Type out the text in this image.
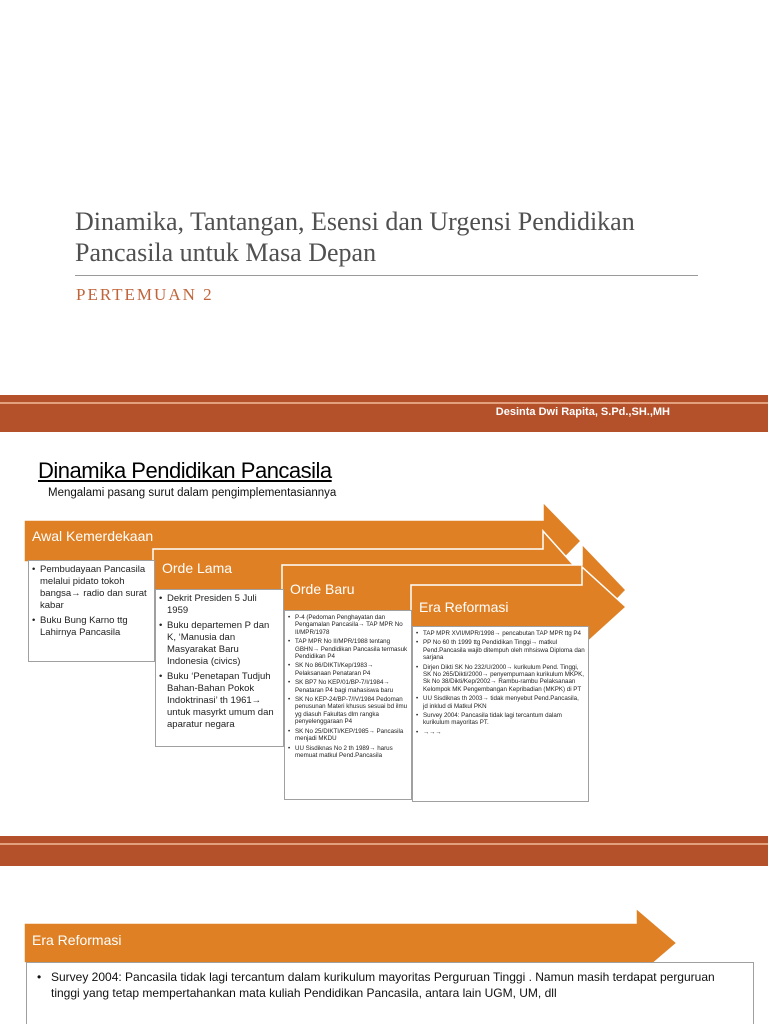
Dinamika, Tantangan, Esensi dan Urgensi Pendidikan Pancasila untuk Masa Depan
PERTEMUAN 2
Desinta Dwi Rapita, S.Pd.,SH.,MH
Dinamika Pendidikan Pancasila
Mengalami pasang surut dalam pengimplementasiannya
Awal Kemerdekaan
Orde Lama
Orde Baru
Era Reformasi
• Pembudayaan Pancasila melalui pidato tokoh bangsa→ radio dan surat kabar
• Buku Bung Karno ttg Lahirnya Pancasila
• Dekrit Presiden 5 Juli 1959
• Buku departemen P dan K, ‘Manusia dan Masyarakat Baru Indonesia (civics)
• Buku ‘Penetapan Tudjuh Bahan-Bahan Pokok Indoktrinasi’ th 1961→ untuk masyrkt umum dan aparatur negara
• P-4 (Pedoman Penghayatan dan Pengamalan Pancasila→ TAP MPR No II/MPR/1978
• TAP MPR No II/MPR/1988 tentang GBHN→ Pendidikan Pancasila termasuk Pendidikan P4
• SK No 86/DIKTI/Kep/1983→ Pelaksanaan Penataran P4
• SK BP7 No KEP/01/BP-7/I/1984→ Penataran P4 bagi mahasiswa baru
• SK No KEP-24/BP-7/IV/1984 Pedoman penusunan Materi khusus sesuai bd ilmu yg diasuh Fakultas dlm rangka penyelenggaraan P4
• SK No 25/DIKTI/KEP/1985→ Pancasila menjadi MKDU
• UU Sisdiknas No 2 th 1989→ harus memuat matkul Pend.Pancasila
• TAP MPR XVII/MPR/1998→ pencabutan TAP MPR ttg P4
• PP No 60 th 1999 ttg Pendidikan Tinggi→ matkul Pend.Pancasila wajib ditempuh oleh mhsiswa Diploma dan sarjana
• Dirjen Dikti SK No 232/U/2000→ kurikulum Pend. Tinggi, SK No 265/Dikti/2000→ penyempurnaan kurikulum MKPK, Sk No 38/Dikti/Kep/2002→ Rambu-rambu Pelaksanaan Kelompok MK Pengembangan Kepribadian (MKPK) di PT
• UU Sisdiknas th 2003→ tidak menyebut Pend.Pancasila, jd inklud di Matkul PKN
• Survey 2004: Pancasila tidak lagi tercantum dalam kurikulum mayoritas PT.
• →→→
Era Reformasi
• Survey 2004: Pancasila tidak lagi tercantum dalam kurikulum mayoritas Perguruan Tinggi . Namun masih terdapat perguruan tinggi yang tetap mempertahankan mata kuliah Pendidikan Pancasila, antara lain UGM, UM, dll
